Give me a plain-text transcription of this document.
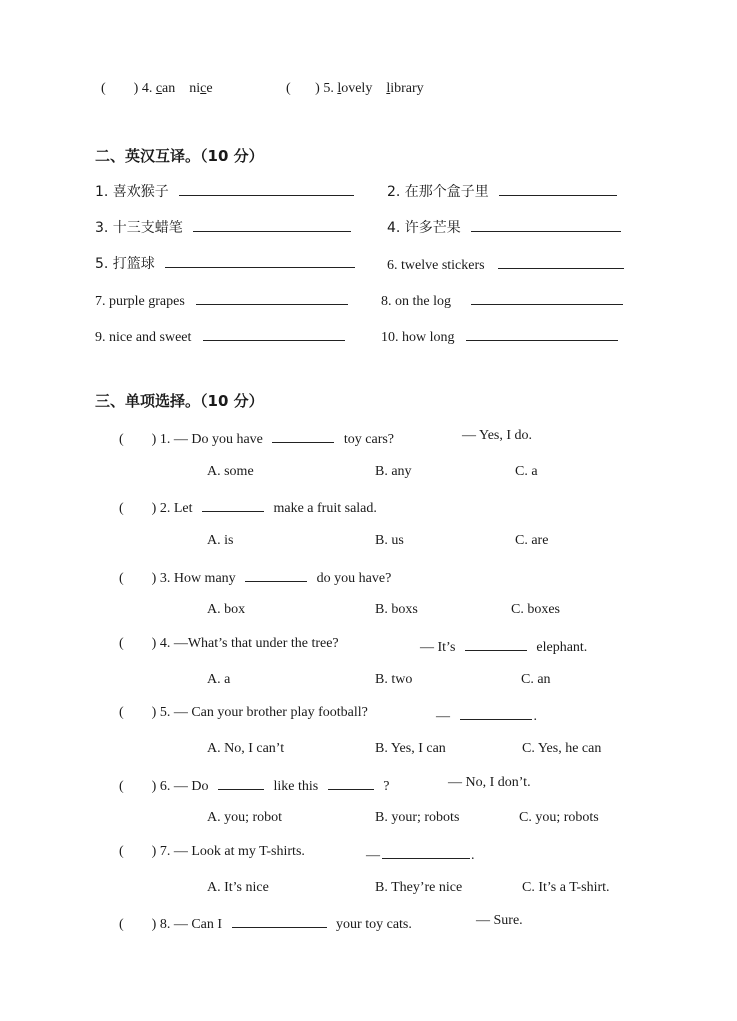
(        ) 4. can nice	(       ) 5. lovely library
二、英汉互译。（10 分）
1. 喜欢猴子	2. 在那个盒子里
3. 十三支蜡笔	4. 许多芒果
5. 打篮球	6. twelve stickers
7. purple grapes	8. on the log
9. nice and sweet	10. how long
三、单项选择。（10 分）
(        ) 1. — Do you have	toy cars?	— Yes, I do.
A. some	B. any	C. a
(        ) 2. Let	make a fruit salad.
A. is	B. us	C. are
(        ) 3. How many	do you have?
A. box	B. boxs	C. boxes
(        ) 4. —What’s that under the tree?	— It’s	elephant.
A. a	B. two	C. an
(        ) 5. — Can your brother play football?	—	.
A. No, I can’t	B. Yes, I can	C. Yes, he can
(        ) 6. — Do	like this	?	— No, I don’t.
A. you; robot	B. your; robots	C. you; robots
(        ) 7. — Look at my T-shirts.	—	.
A. It’s nice	B. They’re nice	C. It’s a T-shirt.
(        ) 8. — Can I	your toy cats.	— Sure.
